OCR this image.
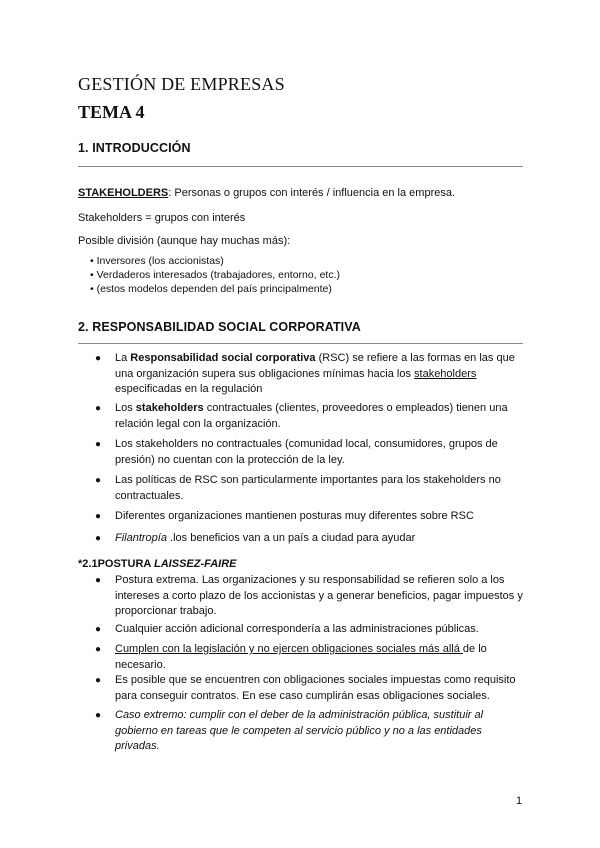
GESTIÓN DE EMPRESAS
TEMA 4
1. INTRODUCCIÓN
STAKEHOLDERS: Personas o grupos con interés / influencia en la empresa.
Stakeholders = grupos con interés
Posible división (aunque hay muchas más):
• Inversores (los accionistas)
• Verdaderos interesados (trabajadores, entorno, etc.)
• (estos modelos dependen del país principalmente)
2. RESPONSABILIDAD SOCIAL CORPORATIVA
● La Responsabilidad social corporativa (RSC) se refiere a las formas en las que una organización supera sus obligaciones mínimas hacia los stakeholders especificadas en la regulación
● Los stakeholders contractuales (clientes, proveedores o empleados) tienen una relación legal con la organización.
● Los stakeholders no contractuales (comunidad local, consumidores, grupos de presión) no cuentan con la protección de la ley.
● Las políticas de RSC son particularmente importantes para los stakeholders no contractuales.
● Diferentes organizaciones mantienen posturas muy diferentes sobre RSC
● Filantropía .los beneficios van a un país a ciudad para ayudar
*2.1POSTURA LAISSEZ-FAIRE
● Postura extrema. Las organizaciones y su responsabilidad se refieren solo a los intereses a corto plazo de los accionistas y a generar beneficios, pagar impuestos y proporcionar trabajo.
● Cualquier acción adicional correspondería a las administraciones públicas.
● Cumplen con la legislación y no ejercen obligaciones sociales más allá de lo necesario.
● Es posible que se encuentren con obligaciones sociales impuestas como requisito para conseguir contratos. En ese caso cumplirán esas obligaciones sociales.
● Caso extremo: cumplir con el deber de la administración pública, sustituir al gobierno en tareas que le competen al servicio público y no a las entidades privadas.
1
